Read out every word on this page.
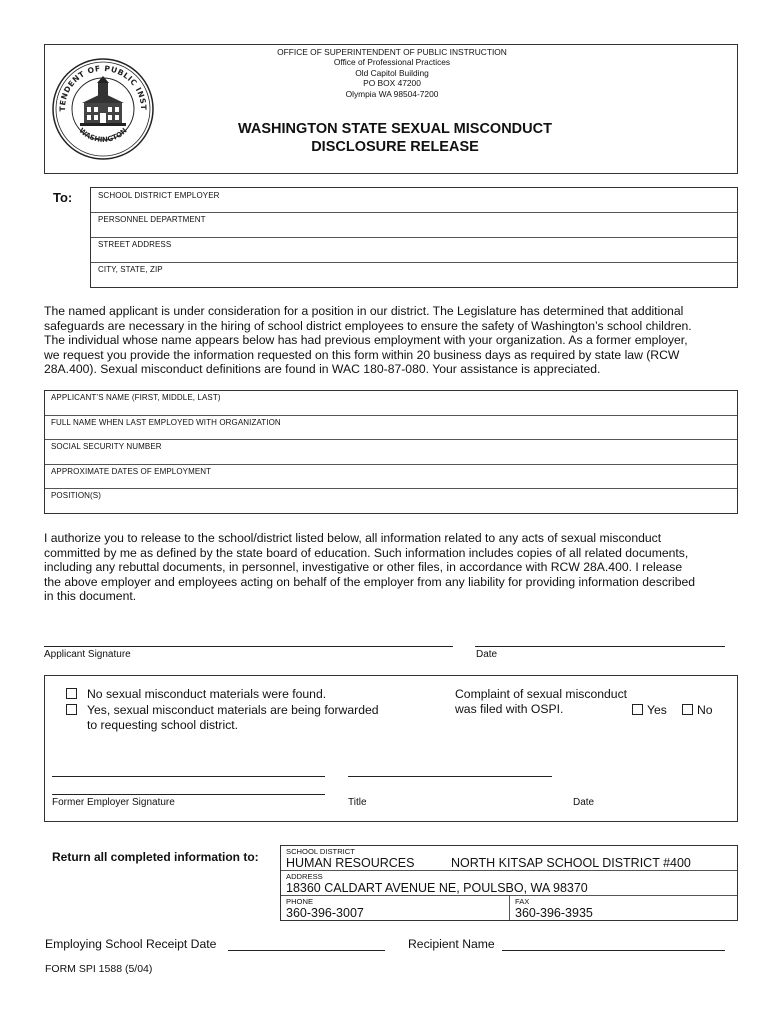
TENDENT OF PUBLIC INST
WASHINGTON
OFFICE OF SUPERINTENDENT OF PUBLIC INSTRUCTION
Office of Professional Practices
Old Capitol Building
PO BOX 47200
Olympia WA 98504-7200
WASHINGTON STATE SEXUAL MISCONDUCT
DISCLOSURE RELEASE
To:	SCHOOL DISTRICT EMPLOYER
PERSONNEL DEPARTMENT
STREET ADDRESS
CITY, STATE, ZIP
The named applicant is under consideration for a position in our district. The Legislature has determined that additional
safeguards are necessary in the hiring of school district employees to ensure the safety of Washington’s school children.
The individual whose name appears below has had previous employment with your organization. As a former employer,
we request you provide the information requested on this form within 20 business days as required by state law (RCW
28A.400). Sexual misconduct definitions are found in WAC 180-87-080. Your assistance is appreciated.
APPLICANT’S NAME (FIRST, MIDDLE, LAST)
FULL NAME WHEN LAST EMPLOYED WITH ORGANIZATION
SOCIAL SECURITY NUMBER
APPROXIMATE DATES OF EMPLOYMENT
POSITION(S)
I authorize you to release to the school/district listed below, all information related to any acts of sexual misconduct
committed by me as defined by the state board of education. Such information includes copies of all related documents,
including any rebuttal documents, in personnel, investigative or other files, in accordance with RCW 28A.400. I release
the above employer and employees acting on behalf of the employer from any liability for providing information described
in this document.
Applicant Signature	Date
No sexual misconduct materials were found.
Yes, sexual misconduct materials are being forwarded
to requesting school district.
Complaint of sexual misconduct
was filed with OSPI.	Yes No
Former Employer Signature	Title	Date
Return all completed information to:	SCHOOL DISTRICT
HUMAN RESOURCES	NORTH KITSAP SCHOOL DISTRICT #400
ADDRESS
18360 CALDART AVENUE NE, POULSBO, WA 98370
PHONE
360-396-3007
FAX
360-396-3935
Employing School Receipt Date	Recipient Name
FORM SPI 1588 (5/04)
